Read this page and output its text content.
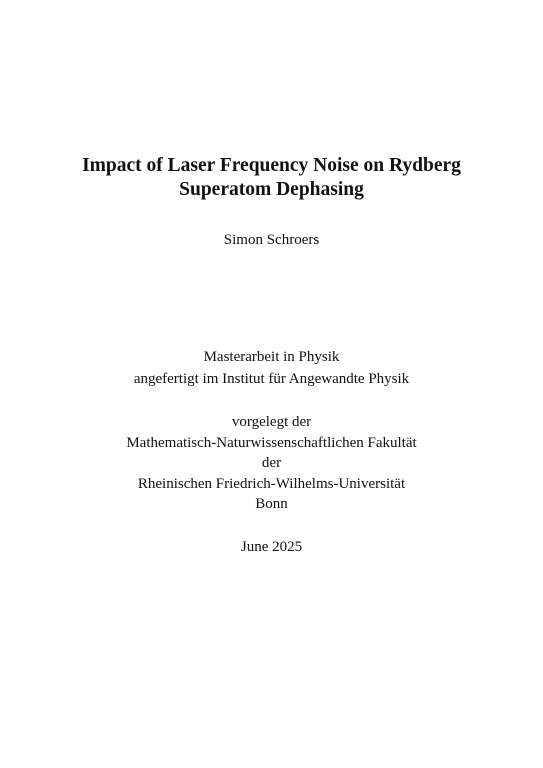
Impact of Laser Frequency Noise on Rydberg
Superatom Dephasing
Simon Schroers
Masterarbeit in Physik
angefertigt im Institut für Angewandte Physik
vorgelegt der
Mathematisch-Naturwissenschaftlichen Fakultät
der
Rheinischen Friedrich-Wilhelms-Universität
Bonn
June 2025
